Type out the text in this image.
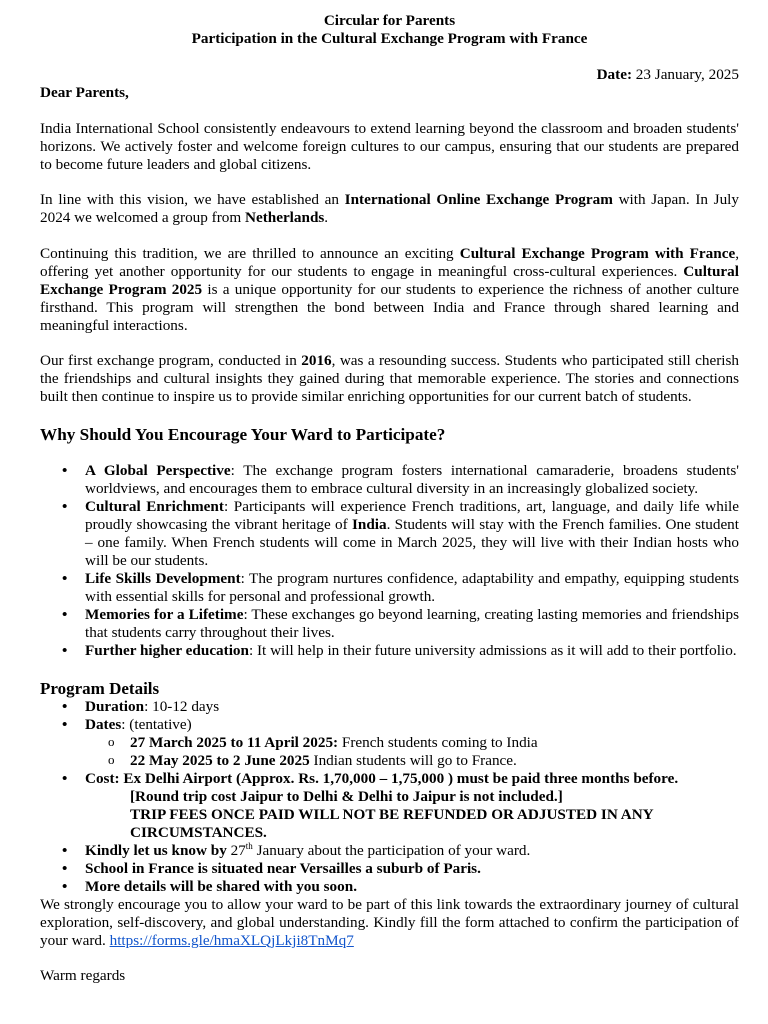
Circular for Parents
Participation in the Cultural Exchange Program with France

Date: 23 January, 2025

Dear Parents,

India International School consistently endeavours to extend learning beyond the classroom and broaden students' horizons. We actively foster and welcome foreign cultures to our campus, ensuring that our students are prepared to become future leaders and global citizens.

In line with this vision, we have established an International Online Exchange Program with Japan. In July 2024 we welcomed a group from Netherlands.

Continuing this tradition, we are thrilled to announce an exciting Cultural Exchange Program with France, offering yet another opportunity for our students to engage in meaningful cross-cultural experiences. Cultural Exchange Program 2025 is a unique opportunity for our students to experience the richness of another culture firsthand. This program will strengthen the bond between India and France through shared learning and meaningful interactions.

Our first exchange program, conducted in 2016, was a resounding success. Students who participated still cherish the friendships and cultural insights they gained during that memorable experience. The stories and connections built then continue to inspire us to provide similar enriching opportunities for our current batch of students.

Why Should You Encourage Your Ward to Participate?
• A Global Perspective: The exchange program fosters international camaraderie, broadens students' worldviews, and encourages them to embrace cultural diversity in an increasingly globalized society.
• Cultural Enrichment: Participants will experience French traditions, art, language, and daily life while proudly showcasing the vibrant heritage of India. Students will stay with the French families. One student – one family. When French students will come in March 2025, they will live with their Indian hosts who will be our students.
• Life Skills Development: The program nurtures confidence, adaptability and empathy, equipping students with essential skills for personal and professional growth.
• Memories for a Lifetime: These exchanges go beyond learning, creating lasting memories and friendships that students carry throughout their lives.
• Further higher education: It will help in their future university admissions as it will add to their portfolio.
Program Details
• Duration: 10-12 days
• Dates: (tentative)
o 27 March 2025 to 11 April 2025: French students coming to India
o 22 May 2025 to 2 June 2025 Indian students will go to France.
• Cost: Ex Delhi Airport (Approx. Rs. 1,70,000 – 1,75,000 ) must be paid three months before.
[Round trip cost Jaipur to Delhi & Delhi to Jaipur is not included.]
TRIP FEES ONCE PAID WILL NOT BE REFUNDED OR ADJUSTED IN ANY CIRCUMSTANCES.
• Kindly let us know by 27th January about the participation of your ward.
• School in France is situated near Versailles a suburb of Paris.
• More details will be shared with you soon.

We strongly encourage you to allow your ward to be part of this link towards the extraordinary journey of cultural exploration, self-discovery, and global understanding. Kindly fill the form attached to confirm the participation of your ward. https://forms.gle/hmaXLQjLkji8TnMq7

Warm regards
